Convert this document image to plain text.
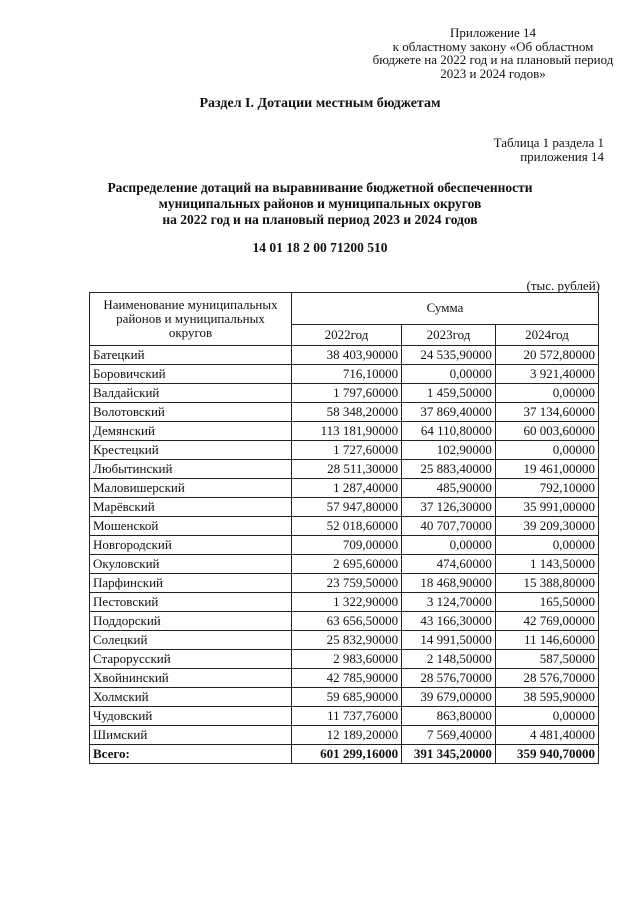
Приложение 14
к областному закону «Об областном бюджете на 2022 год и на плановый период 2023 и 2024 годов»
Раздел I. Дотации местным бюджетам
Таблица 1 раздела 1
приложения 14
Распределение дотаций на выравнивание бюджетной обеспеченности
муниципальных районов и муниципальных округов
на 2022 год и на плановый период 2023 и 2024 годов
14 01 18 2 00 71200 510
(тыс. рублей)
Наименование муниципальных районов и муниципальных округов	Сумма		
	2022год	2023год	2024год
Батецкий	38 403,90000	24 535,90000	20 572,80000
Боровичский	716,10000	0,00000	3 921,40000
Валдайский	1 797,60000	1 459,50000	0,00000
Волотовский	58 348,20000	37 869,40000	37 134,60000
Демянский	113 181,90000	64 110,80000	60 003,60000
Крестецкий	1 727,60000	102,90000	0,00000
Любытинский	28 511,30000	25 883,40000	19 461,00000
Маловишерский	1 287,40000	485,90000	792,10000
Марёвский	57 947,80000	37 126,30000	35 991,00000
Мошенской	52 018,60000	40 707,70000	39 209,30000
Новгородский	709,00000	0,00000	0,00000
Окуловский	2 695,60000	474,60000	1 143,50000
Парфинский	23 759,50000	18 468,90000	15 388,80000
Пестовский	1 322,90000	3 124,70000	165,50000
Поддорский	63 656,50000	43 166,30000	42 769,00000
Солецкий	25 832,90000	14 991,50000	11 146,60000
Старорусский	2 983,60000	2 148,50000	587,50000
Хвойнинский	42 785,90000	28 576,70000	28 576,70000
Холмский	59 685,90000	39 679,00000	38 595,90000
Чудовский	11 737,76000	863,80000	0,00000
Шимский	12 189,20000	7 569,40000	4 481,40000
Всего:	601 299,16000	391 345,20000	359 940,70000
